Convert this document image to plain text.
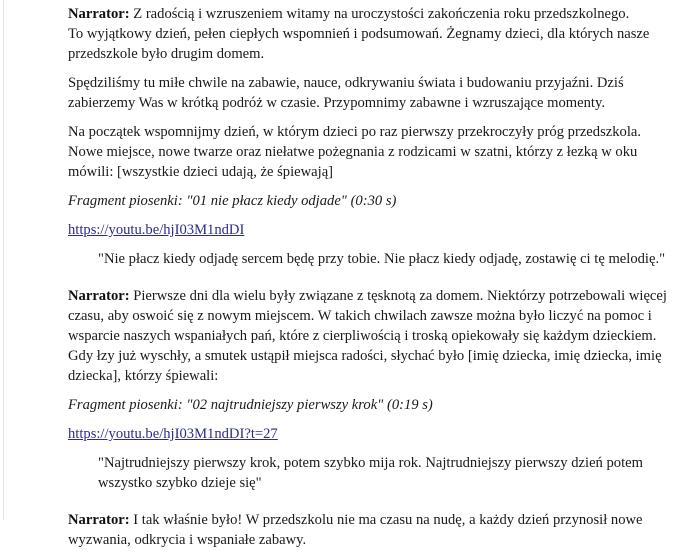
Narrator: Z radością i wzruszeniem witamy na uroczystości zakończenia roku przedszkolnego.
To wyjątkowy dzień, pełen ciepłych wspomnień i podsumowań. Żegnamy dzieci, dla których nasze przedszkole było drugim domem.

Spędziliśmy tu miłe chwile na zabawie, nauce, odkrywaniu świata i budowaniu przyjaźni. Dziś zabierzemy Was w krótką podróż w czasie. Przypomnimy zabawne i wzruszające momenty.

Na początek wspomnijmy dzień, w którym dzieci po raz pierwszy przekroczyły próg przedszkola. Nowe miejsce, nowe twarze oraz niełatwe pożegnania z rodzicami w szatni, którzy z łezką w oku mówili: [wszystkie dzieci udają, że śpiewają]

Fragment piosenki: "01 nie płacz kiedy odjade" (0:30 s)

https://youtu.be/hjI03M1ndDI

"Nie płacz kiedy odjadę sercem będę przy tobie. Nie płacz kiedy odjadę, zostawię ci tę melodię."

Narrator: Pierwsze dni dla wielu były związane z tęsknotą za domem. Niektórzy potrzebowali więcej czasu, aby oswoić się z nowym miejscem. W takich chwilach zawsze można było liczyć na pomoc i wsparcie naszych wspaniałych pań, które z cierpliwością i troską opiekowały się każdym dzieckiem. Gdy łzy już wyschły, a smutek ustąpił miejsca radości, słychać było [imię dziecka, imię dziecka, imię dziecka], którzy śpiewali:

Fragment piosenki: "02 najtrudniejszy pierwszy krok" (0:19 s)

https://youtu.be/hjI03M1ndDI?t=27

"Najtrudniejszy pierwszy krok, potem szybko mija rok. Najtrudniejszy pierwszy dzień potem wszystko szybko dzieje się"

Narrator: I tak właśnie było! W przedszkolu nie ma czasu na nudę, a każdy dzień przynosił nowe wyzwania, odkrycia i wspaniałe zabawy.
